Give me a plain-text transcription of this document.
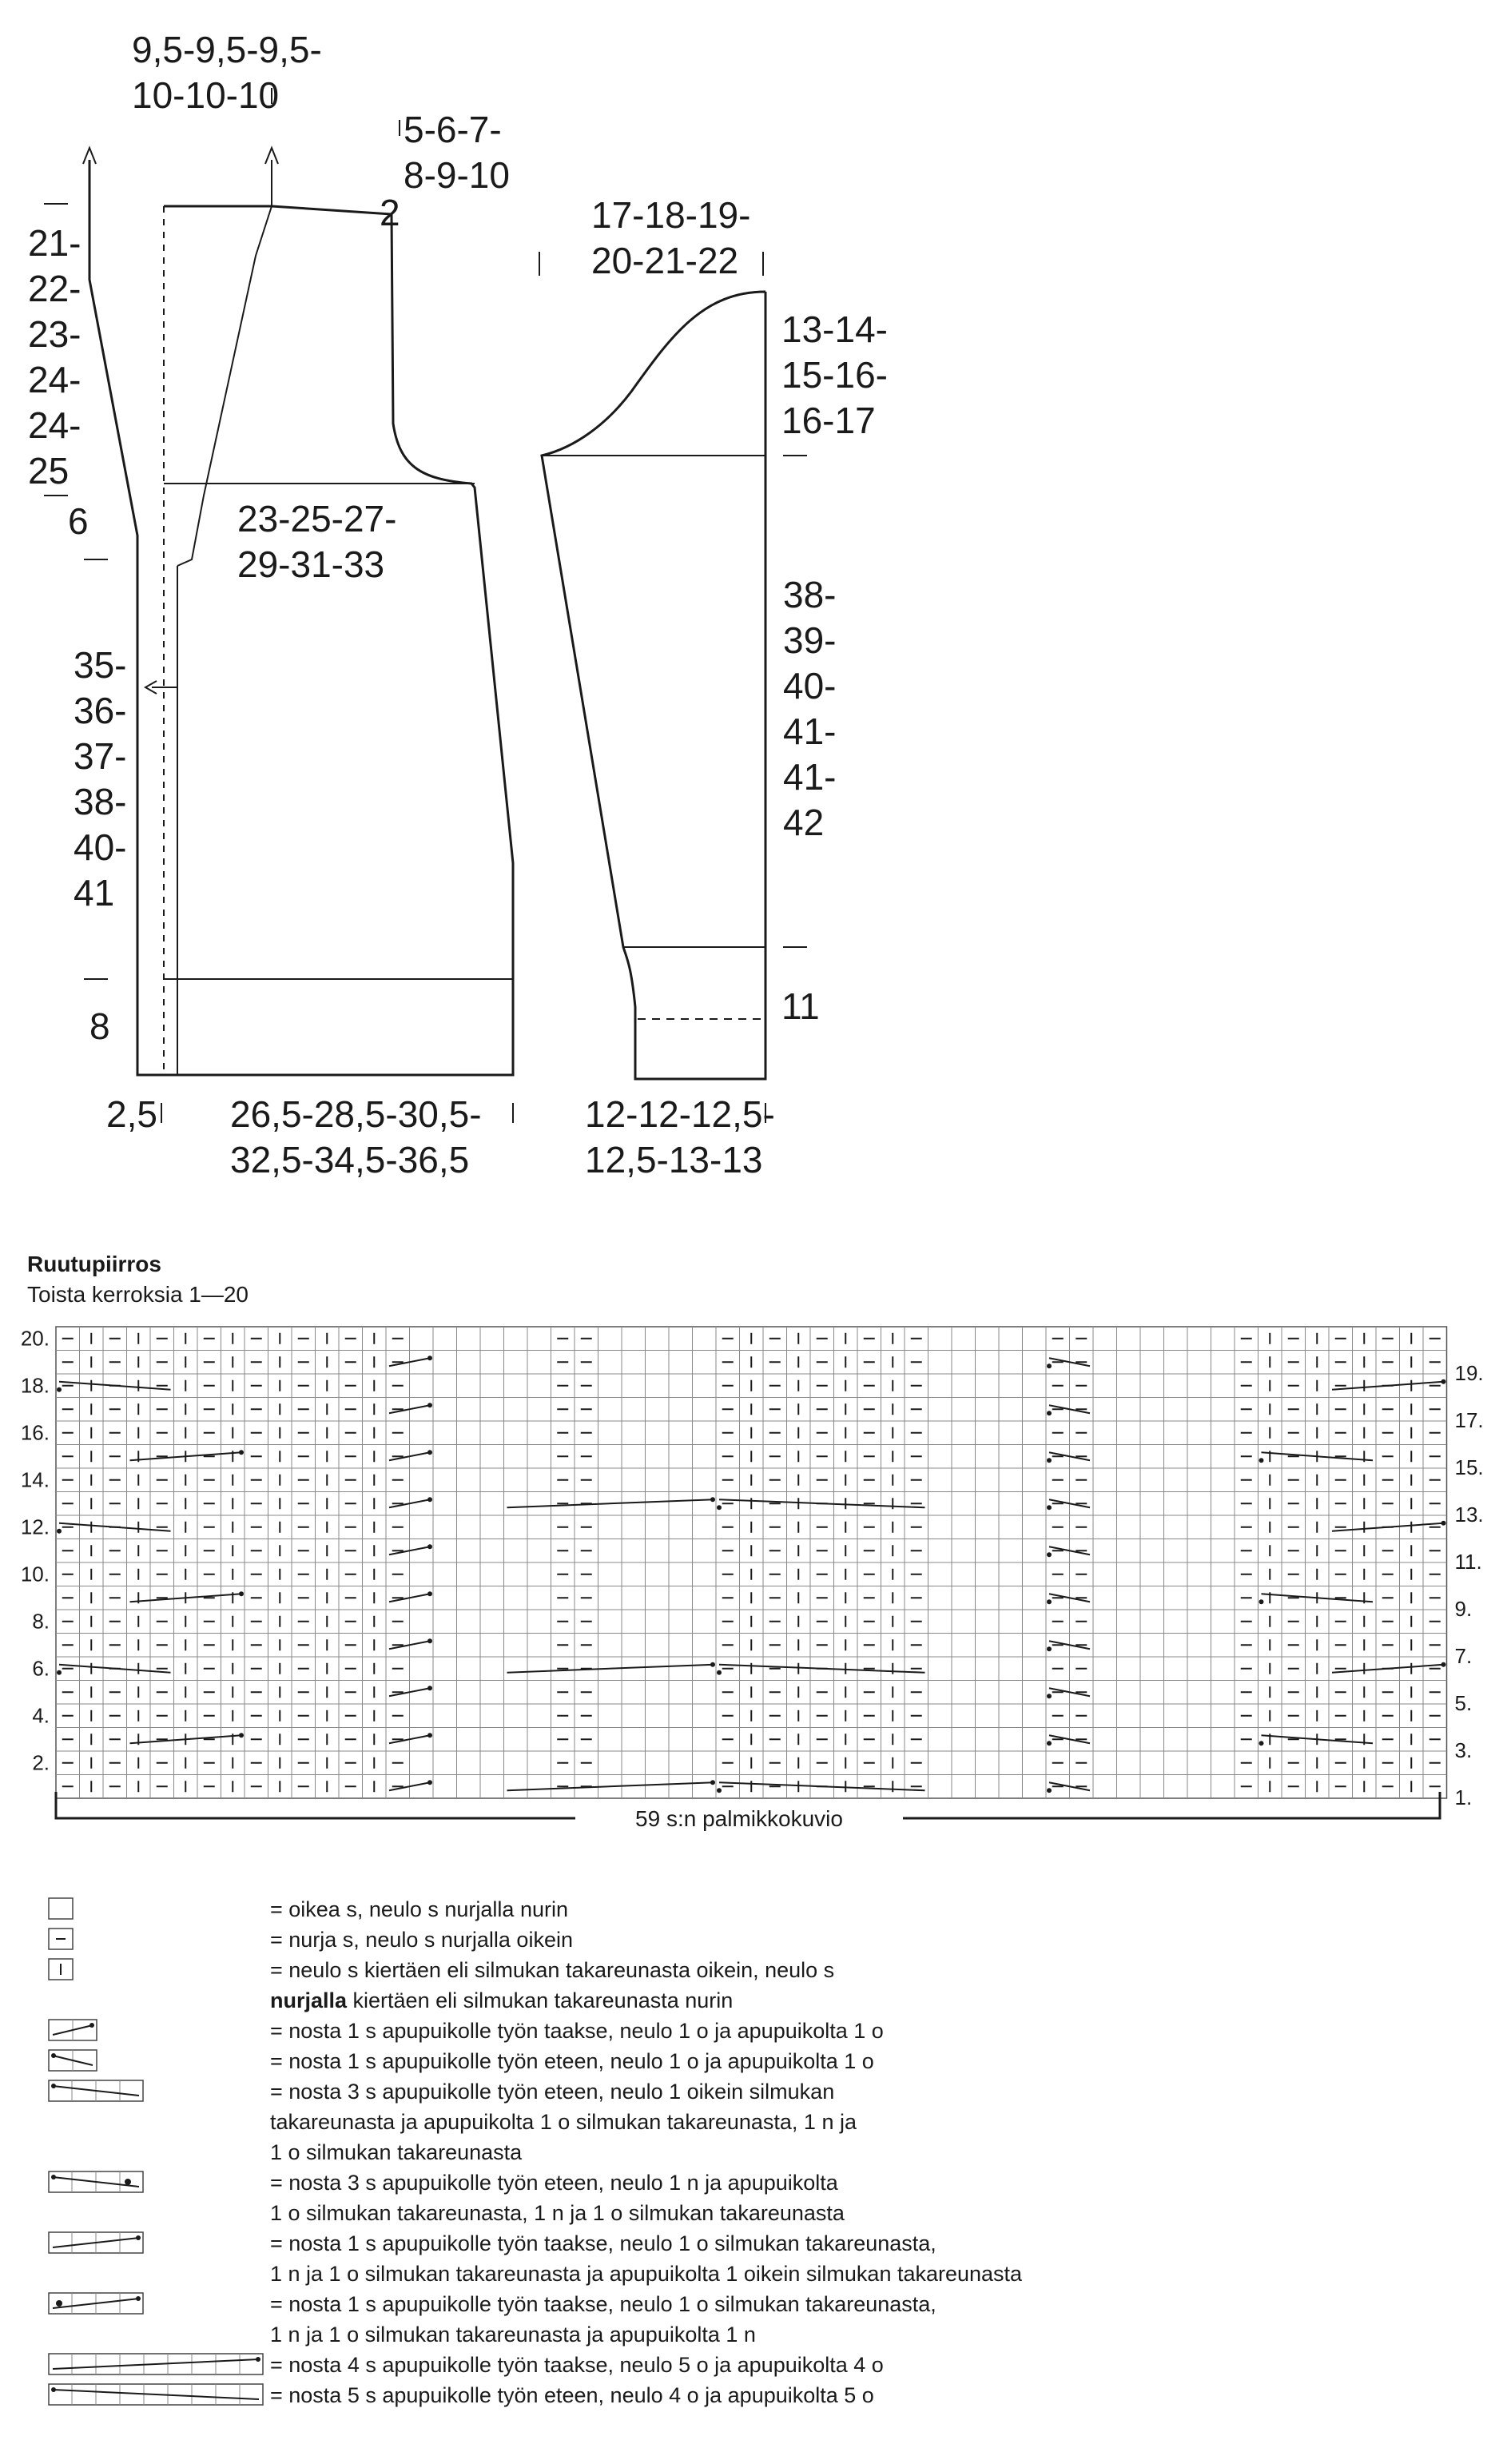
9,5-9,5-9,5-10-10-10
5-6-7-8-9-10
2
21-22-23-24-24-25
6	23-25-27-29-31-33
35-36-37-38-40-41
8
2,5 26,5-28,5-30,5-32,5-34,5-36,5
17-18-19-20-21-22
13-14-15-16-16-17
38-39-40-41-41-42
11
12-12-12,5-12,5-13-13
Ruutupiirros
Toista kerroksia 1—20
20.
18.
16.
14.
12.
10.
8.
6.
4.
2.
19.
17.
15.
13.
11.
9.
7.
5.
3.
1.
59 s:n palmikkokuvio
= oikea s, neulo s nurjalla nurin
= nurja s, neulo s nurjalla oikein
= neulo s kiertäen eli silmukan takareunasta oikein, neulo s
nurjalla kiertäen eli silmukan takareunasta nurin
= nosta 1 s apupuikolle työn taakse, neulo 1 o ja apupuikolta 1 o
= nosta 1 s apupuikolle työn eteen, neulo 1 o ja apupuikolta 1 o
= nosta 3 s apupuikolle työn eteen, neulo 1 oikein silmukan
takareunasta ja apupuikolta 1 o silmukan takareunasta, 1 n ja
1 o silmukan takareunasta
= nosta 3 s apupuikolle työn eteen, neulo 1 n ja apupuikolta
1 o silmukan takareunasta, 1 n ja 1 o silmukan takareunasta
= nosta 1 s apupuikolle työn taakse, neulo 1 o silmukan takareunasta,
1 n ja 1 o silmukan takareunasta ja apupuikolta 1 oikein silmukan takareunasta
= nosta 1 s apupuikolle työn taakse, neulo 1 o silmukan takareunasta,
1 n ja 1 o silmukan takareunasta ja apupuikolta 1 n
= nosta 4 s apupuikolle työn taakse, neulo 5 o ja apupuikolta 4 o
= nosta 5 s apupuikolle työn eteen, neulo 4 o ja apupuikolta 5 o
